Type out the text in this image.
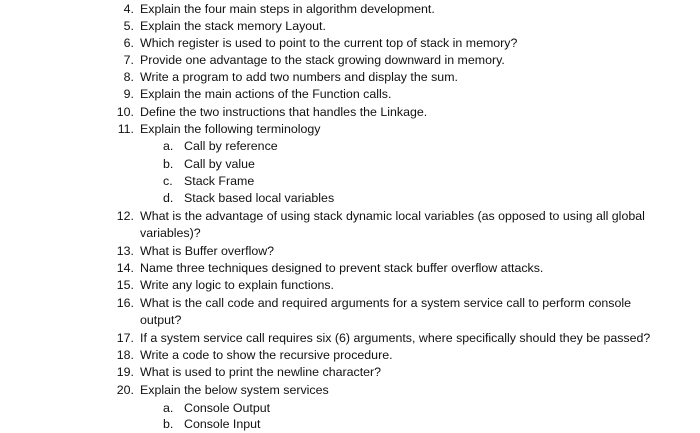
4. Explain the four main steps in algorithm development.
5. Explain the stack memory Layout.
6. Which register is used to point to the current top of stack in memory?
7. Provide one advantage to the stack growing downward in memory.
8. Write a program to add two numbers and display the sum.
9. Explain the main actions of the Function calls.
10. Define the two instructions that handles the Linkage.
11. Explain the following terminology
a. Call by reference
b. Call by value
c. Stack Frame
d. Stack based local variables
12. What is the advantage of using stack dynamic local variables (as opposed to using all global
variables)?
13. What is Buffer overflow?
14. Name three techniques designed to prevent stack buffer overflow attacks.
15. Write any logic to explain functions.
16. What is the call code and required arguments for a system service call to perform console
output?
17. If a system service call requires six (6) arguments, where specifically should they be passed?
18. Write a code to show the recursive procedure.
19. What is used to print the newline character?
20. Explain the below system services
a. Console Output
b. Console Input
